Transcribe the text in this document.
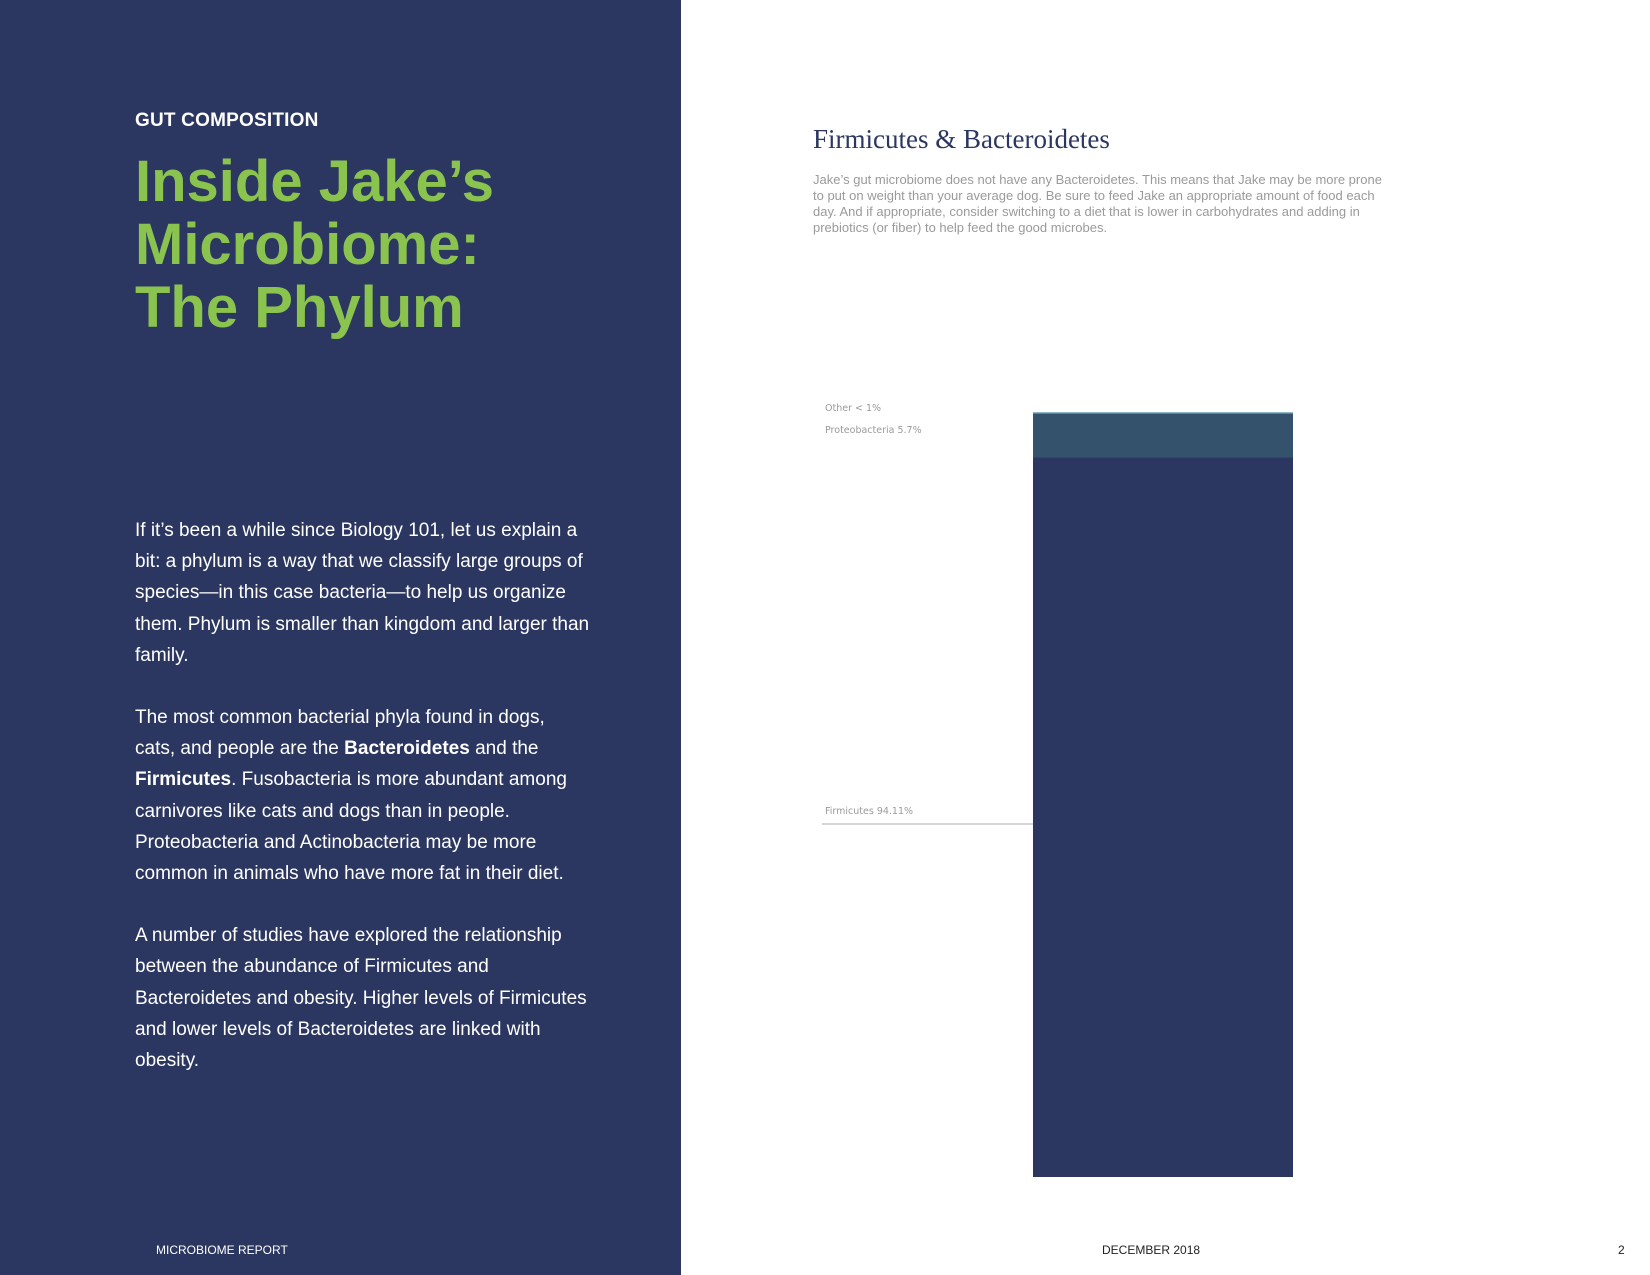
GUT COMPOSITION
Inside Jake’s
Microbiome:
The Phylum

If it’s been a while since Biology 101, let us explain a bit: a phylum is a way that we classify large groups of species—in this case bacteria—to help us organize them. Phylum is smaller than kingdom and larger than family.

The most common bacterial phyla found in dogs, cats, and people are the Bacteroidetes and the Firmicutes. Fusobacteria is more abundant among carnivores like cats and dogs than in people. Proteobacteria and Actinobacteria may be more common in animals who have more fat in their diet.

A number of studies have explored the relationship between the abundance of Firmicutes and Bacteroidetes and obesity. Higher levels of Firmicutes and lower levels of Bacteroidetes are linked with obesity.

MICROBIOME REPORT
Firmicutes & Bacteroidetes
Jake’s gut microbiome does not have any Bacteroidetes. This means that Jake may be more prone to put on weight than your average dog. Be sure to feed Jake an appropriate amount of food each day. And if appropriate, consider switching to a diet that is lower in carbohydrates and adding in prebiotics (or fiber) to help feed the good microbes.
Firmicutes 94.11%
Proteobacteria 5.7%
Other < 1%
DECEMBER 2018	2
